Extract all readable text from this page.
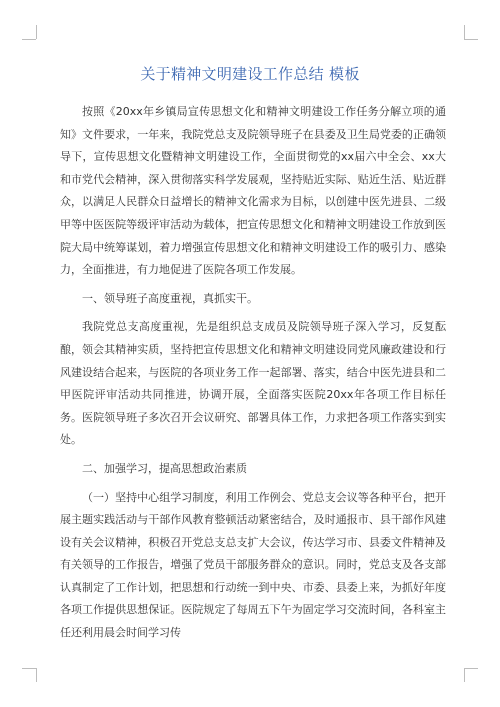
关于精神文明建设工作总结 模板

按照《20xx年乡镇局宣传思想文化和精神文明建设工作任务分解立项的通知》文件要求，一年来，我院党总支及院领导班子在县委及卫生局党委的正确领导下，宣传思想文化暨精神文明建设工作，全面贯彻党的xx届六中全会、xx大和市党代会精神，深入贯彻落实科学发展观，坚持贴近实际、贴近生活、贴近群众，以满足人民群众日益增长的精神文化需求为目标，以创建中医先进县、二级甲等中医医院等级评审活动为载体，把宣传思想文化和精神文明建设工作放到医院大局中统筹谋划，着力增强宣传思想文化和精神文明建设工作的吸引力、感染力，全面推进，有力地促进了医院各项工作发展。

一、领导班子高度重视，真抓实干。

我院党总支高度重视，先是组织总支成员及院领导班子深入学习，反复酝酿，领会其精神实质，坚持把宣传思想文化和精神文明建设同党风廉政建设和行风建设结合起来，与医院的各项业务工作一起部署、落实，结合中医先进县和二甲医院评审活动共同推进，协调开展，全面落实医院20xx年各项工作目标任务。医院领导班子多次召开会议研究、部署具体工作，力求把各项工作落实到实处。

二、加强学习，提高思想政治素质

（一）坚持中心组学习制度，利用工作例会、党总支会议等各种平台，把开展主题实践活动与干部作风教育整顿活动紧密结合，及时通报市、县干部作风建设有关会议精神，积极召开党总支总支扩大会议，传达学习市、县委文件精神及有关领导的工作报告，增强了党员干部服务群众的意识。同时，党总支及各支部认真制定了工作计划，把思想和行动统一到中央、市委、县委上来，为抓好年度各项工作提供思想保证。医院规定了每周五下午为固定学习交流时间，各科室主任还利用晨会时间学习传
